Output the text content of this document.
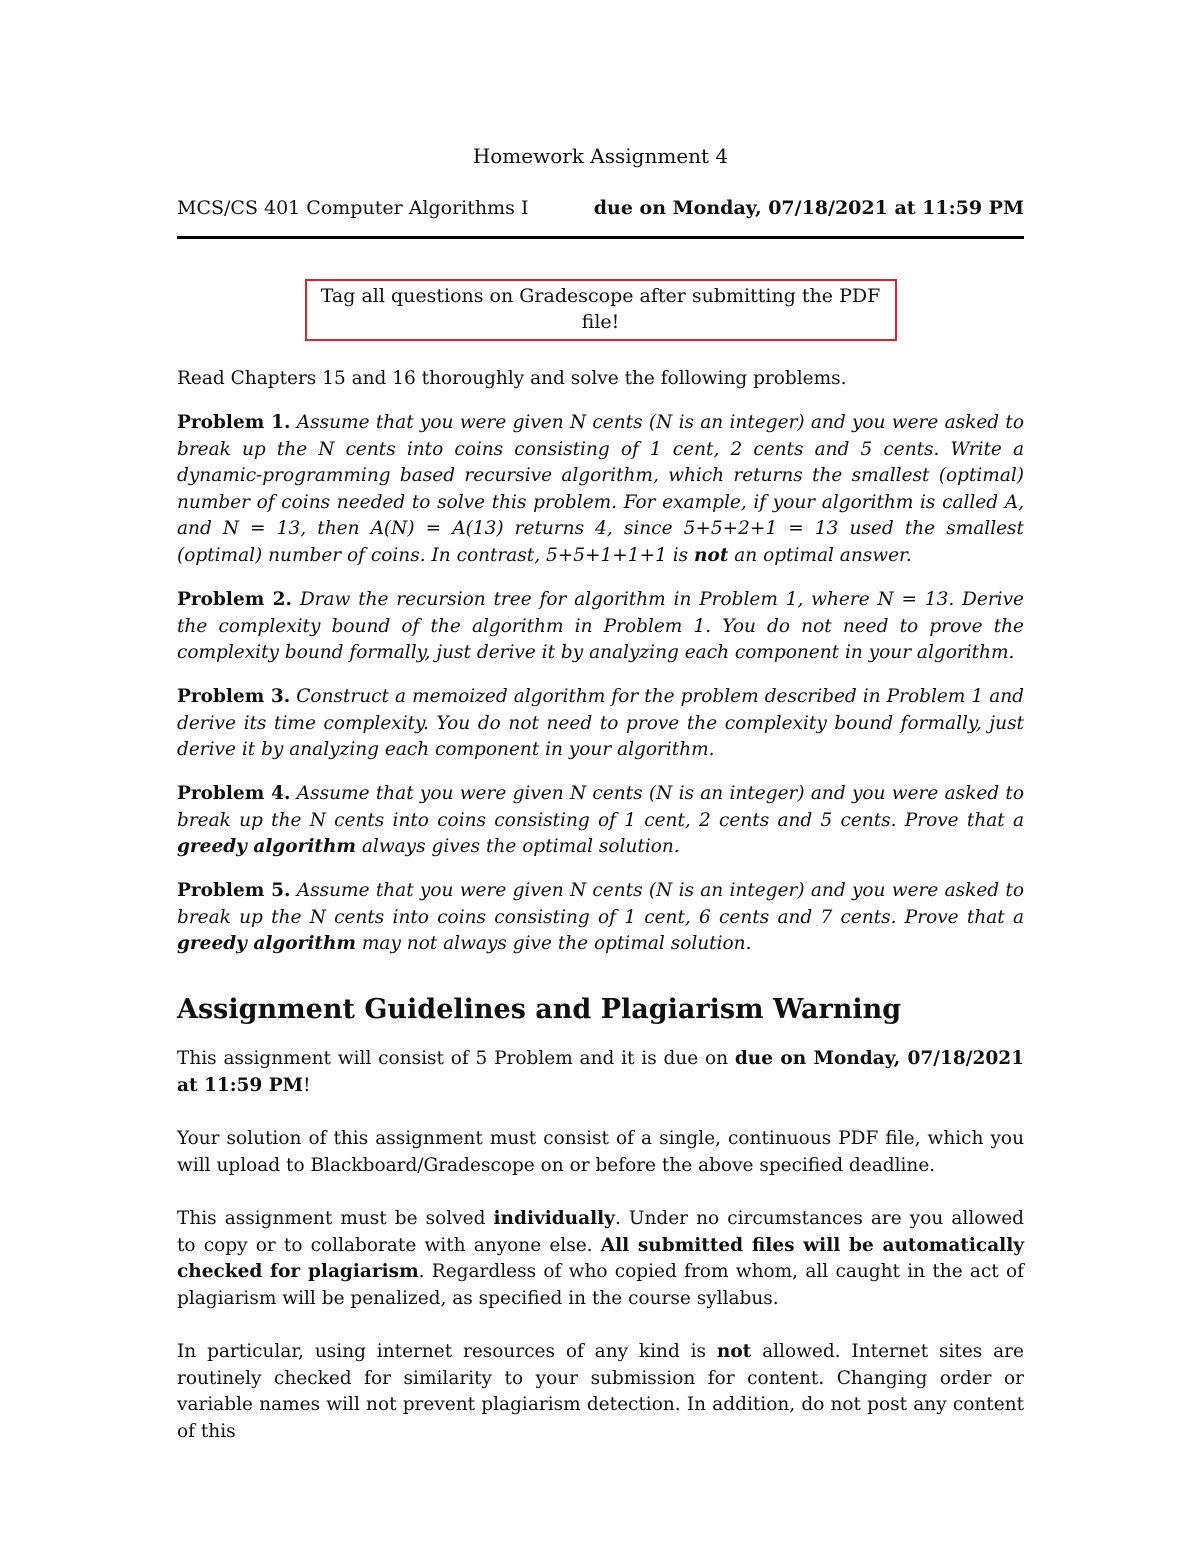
Homework Assignment 4
MCS/CS 401 Computer Algorithms I	due on Monday, 07/18/2021 at 11:59 PM
Tag all questions on Gradescope after submitting the PDF file!
Read Chapters 15 and 16 thoroughly and solve the following problems.
Problem 1. Assume that you were given N cents (N is an integer) and you were asked to break up the N cents into coins consisting of 1 cent, 2 cents and 5 cents. Write a dynamic-programming based recursive algorithm, which returns the smallest (optimal) number of coins needed to solve this problem. For example, if your algorithm is called A, and N = 13, then A(N) = A(13) returns 4, since 5+5+2+1 = 13 used the smallest (optimal) number of coins. In contrast, 5+5+1+1+1 is not an optimal answer.
Problem 2. Draw the recursion tree for algorithm in Problem 1, where N = 13. Derive the complexity bound of the algorithm in Problem 1. You do not need to prove the complexity bound formally, just derive it by analyzing each component in your algorithm.
Problem 3. Construct a memoized algorithm for the problem described in Problem 1 and derive its time complexity. You do not need to prove the complexity bound formally, just derive it by analyzing each component in your algorithm.
Problem 4. Assume that you were given N cents (N is an integer) and you were asked to break up the N cents into coins consisting of 1 cent, 2 cents and 5 cents. Prove that a greedy algorithm always gives the optimal solution.
Problem 5. Assume that you were given N cents (N is an integer) and you were asked to break up the N cents into coins consisting of 1 cent, 6 cents and 7 cents. Prove that a greedy algorithm may not always give the optimal solution.
Assignment Guidelines and Plagiarism Warning
This assignment will consist of 5 Problem and it is due on due on Monday, 07/18/2021 at 11:59 PM!
Your solution of this assignment must consist of a single, continuous PDF file, which you will upload to Blackboard/Gradescope on or before the above specified deadline.
This assignment must be solved individually. Under no circumstances are you allowed to copy or to collaborate with anyone else. All submitted files will be automatically checked for plagiarism. Regardless of who copied from whom, all caught in the act of plagiarism will be penalized, as specified in the course syllabus.
In particular, using internet resources of any kind is not allowed. Internet sites are routinely checked for similarity to your submission for content. Changing order or variable names will not prevent plagiarism detection. In addition, do not post any content of this
